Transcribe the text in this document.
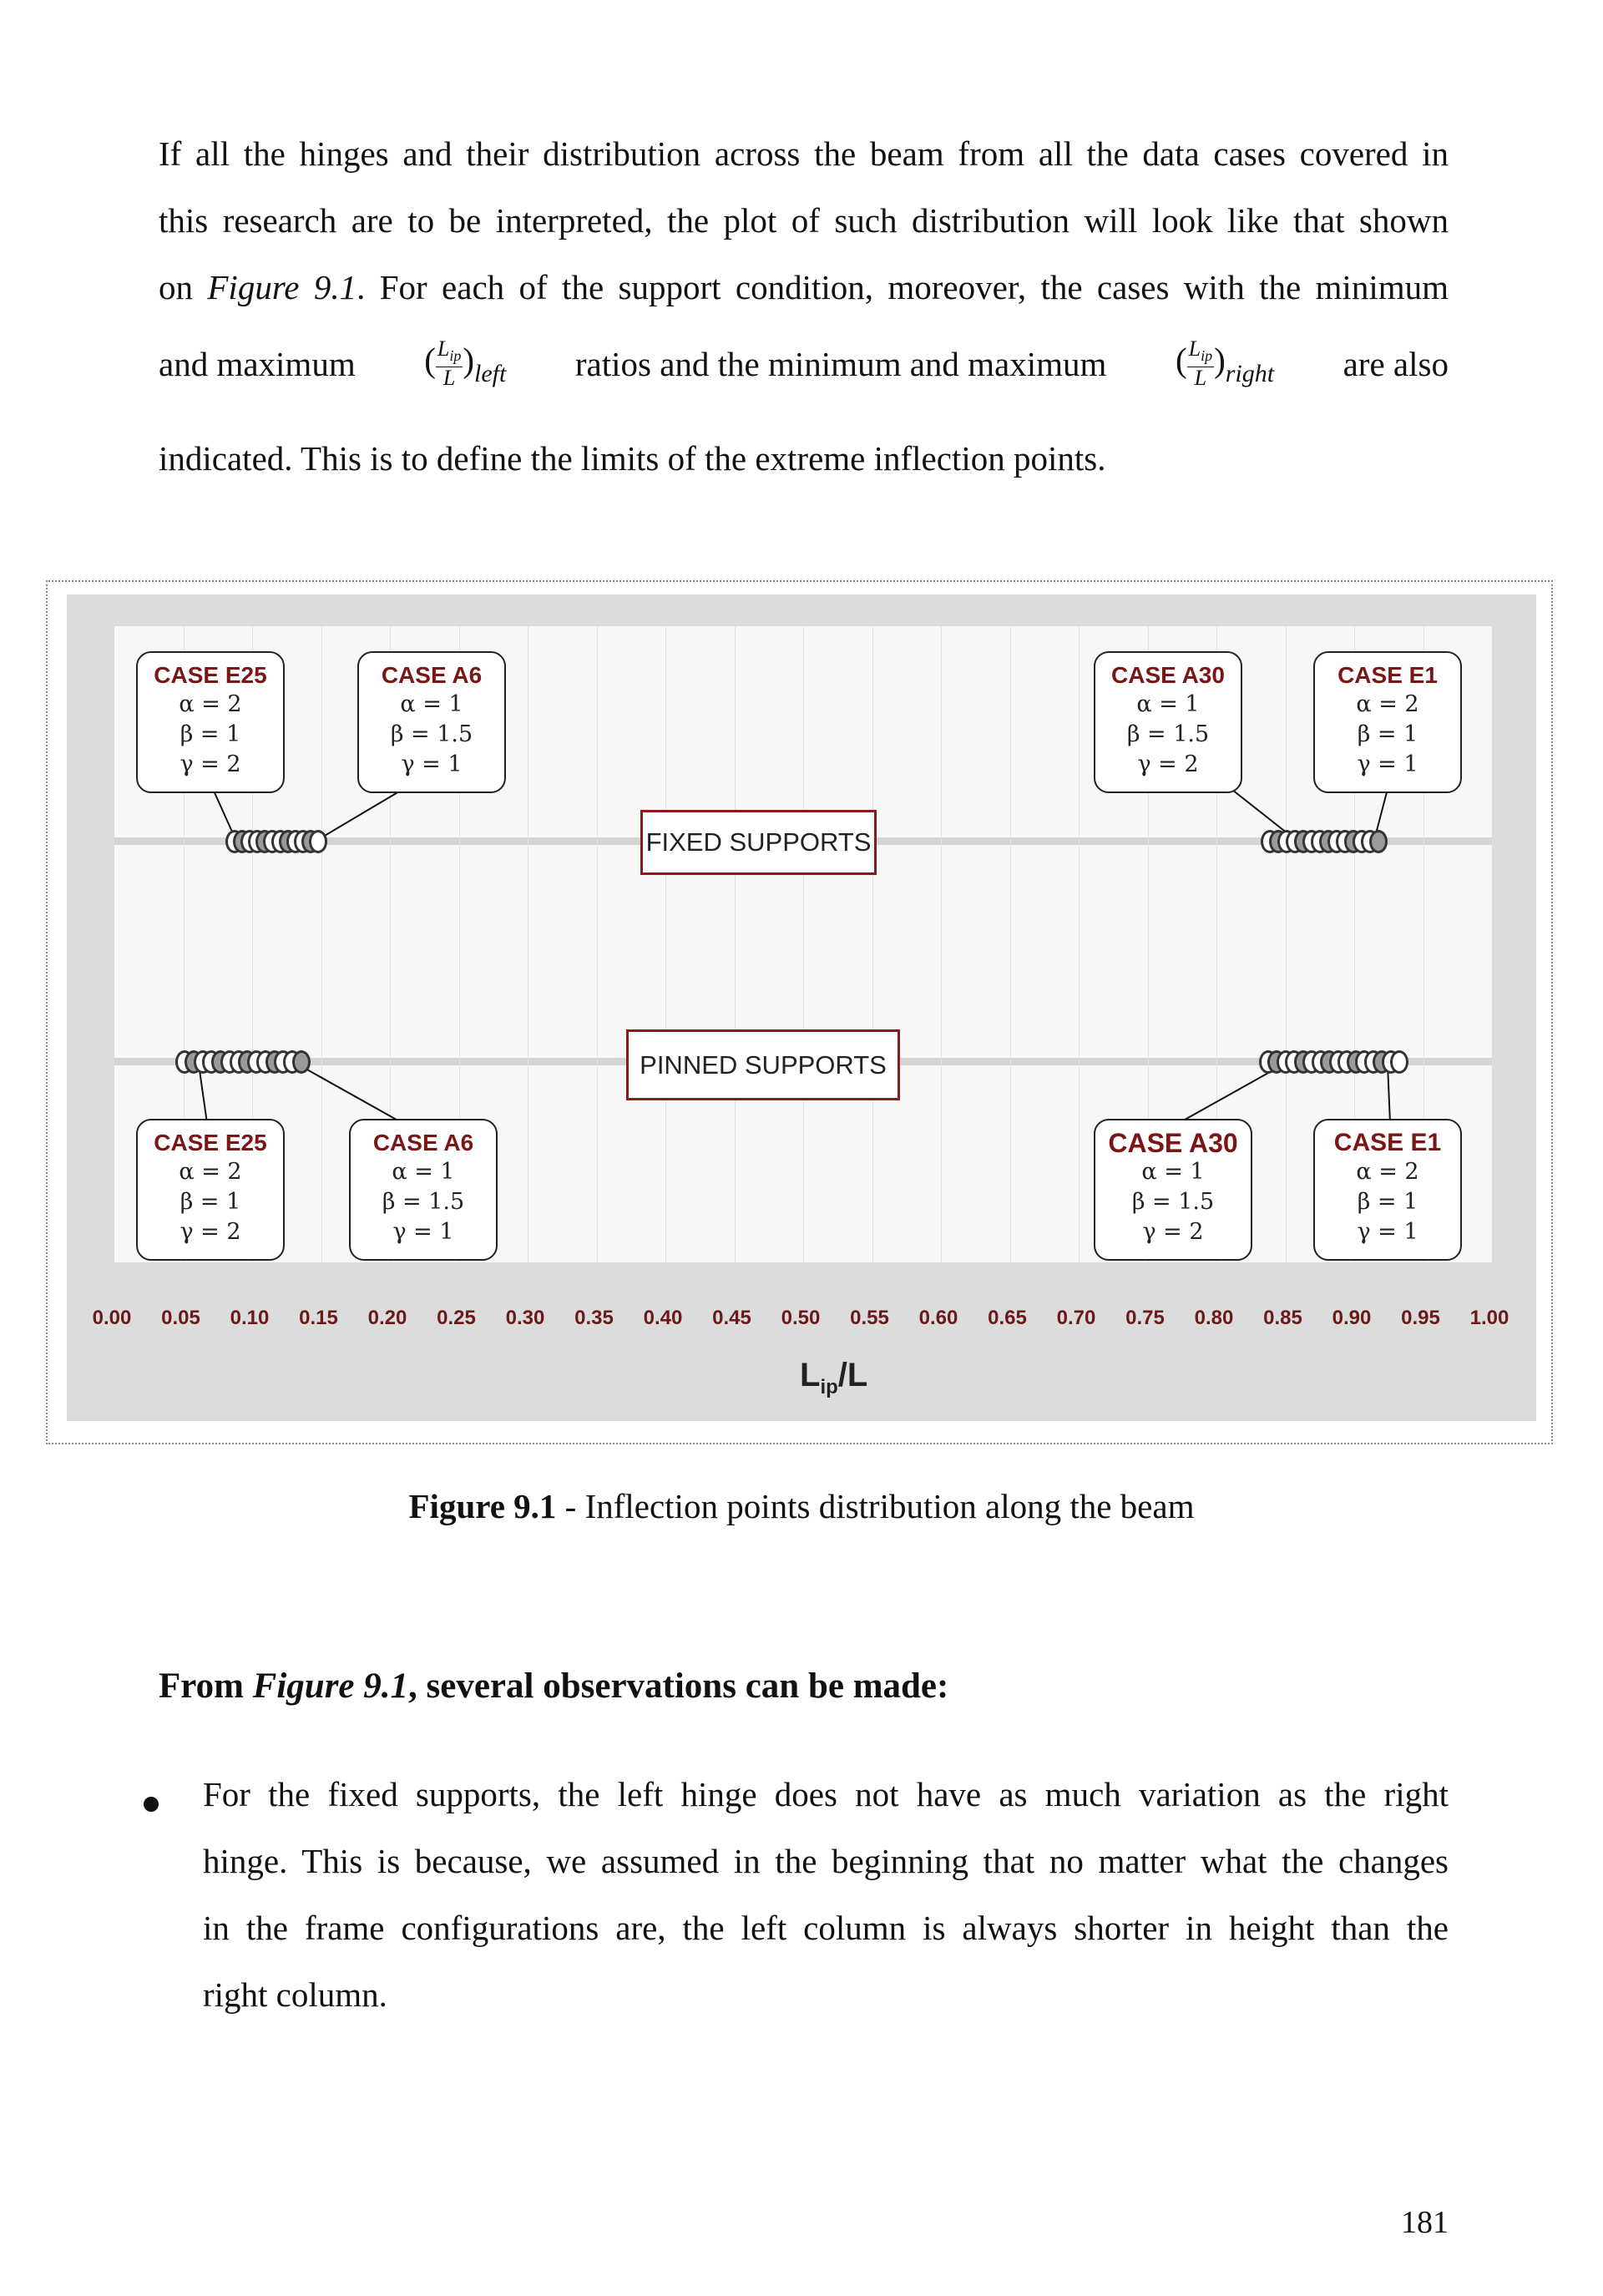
If all the hinges and their distribution across the beam from all the data cases covered in
this research are to be interpreted, the plot of such distribution will look like that shown
on Figure 9.1. For each of the support condition, moreover, the cases with the minimum
and maximum ( $\frac{L_{ip}}{L} )_{left}$ ratios and the minimum and maximum ( $\frac{L_{ip}}{L} )_{right}$ are also
indicated. This is to define the limits of the extreme inflection points.
FIXED SUPPORTS
PINNED SUPPORTS
CASE E25
α = 2
β = 1
γ = 2
CASE A6
α = 1
β = 1.5
γ = 1
CASE A30
α = 1
β = 1.5
γ = 2
CASE E1
α = 2
β = 1
γ = 1
CASE E25
α = 2
β = 1
γ = 2
CASE A6
α = 1
β = 1.5
γ = 1
CASE A30
α = 1
β = 1.5
γ = 2
CASE E1
α = 2
β = 1
γ = 1
0.00 0.05 0.10 0.15 0.20 0.25 0.30 0.35 0.40 0.45 0.50 0.55 0.60 0.65 0.70 0.75 0.80 0.85 0.90 0.95 1.00
$L_{ip}/L$
Figure 9.1 - Inflection points distribution along the beam
From Figure 9.1, several observations can be made:
For the fixed supports, the left hinge does not have as much variation as the right
hinge. This is because, we assumed in the beginning that no matter what the changes
in the frame configurations are, the left column is always shorter in height than the
right column.
181
